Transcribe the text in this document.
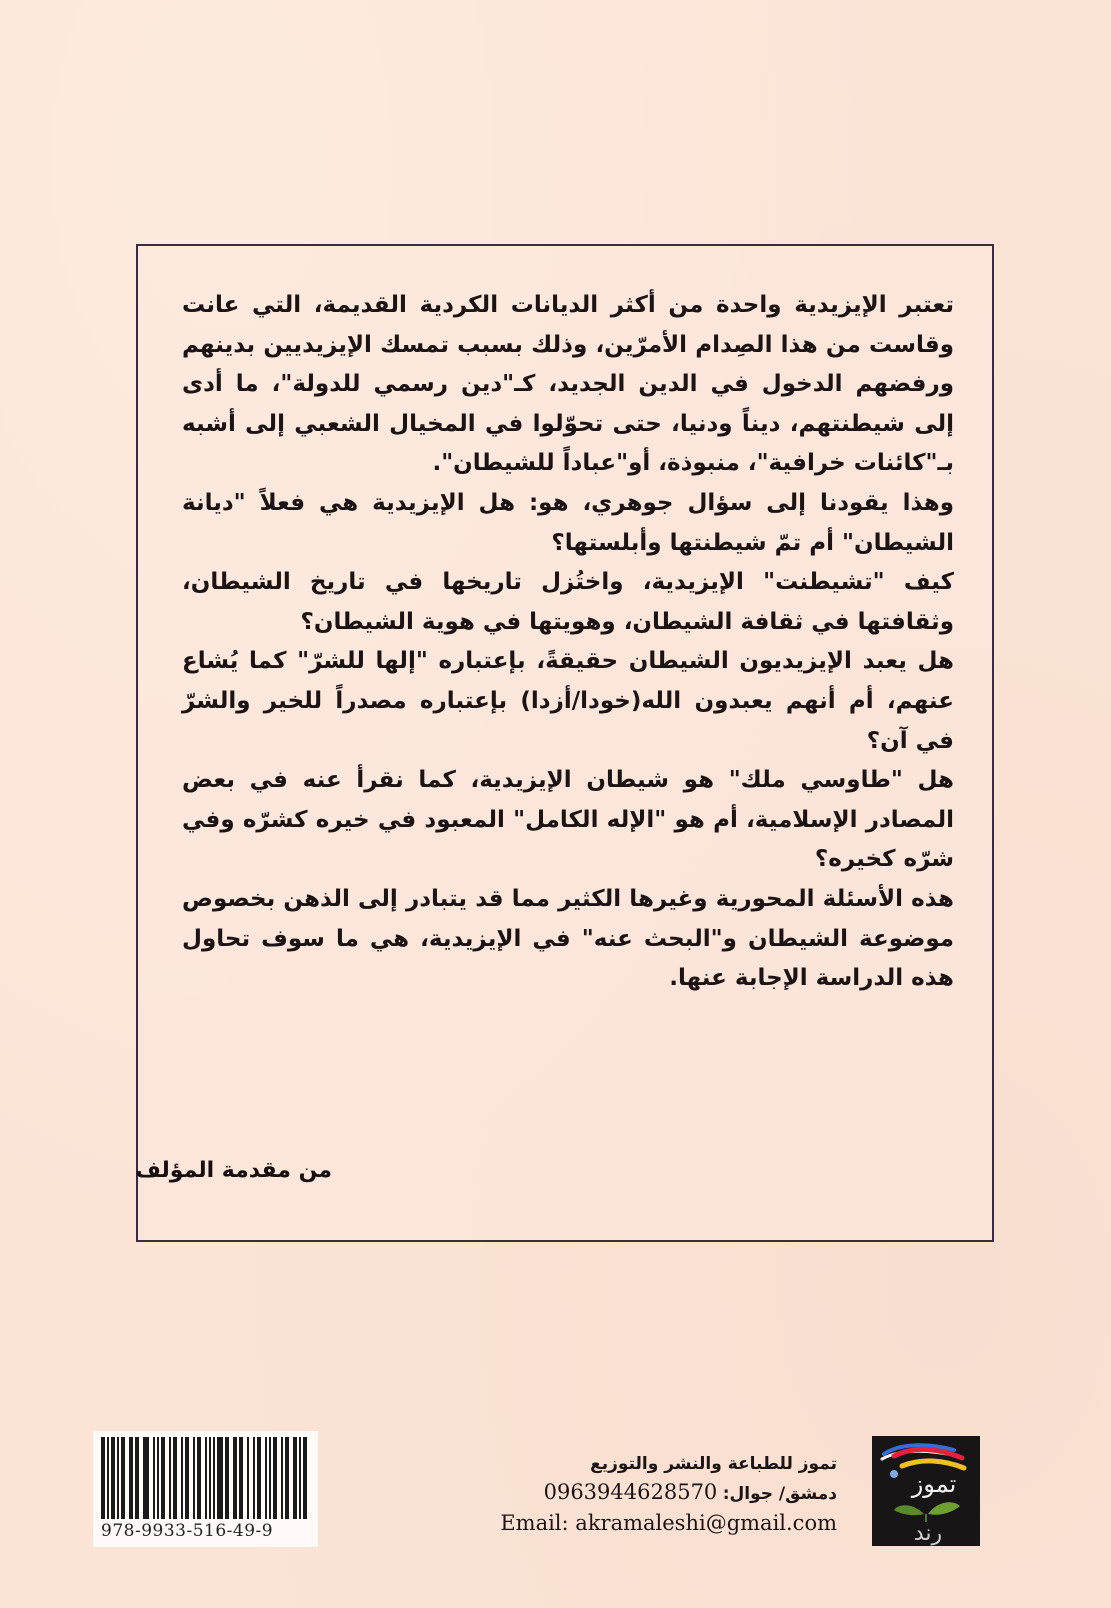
تعتبر الإيزيدية واحدة من أكثر الديانات الكردية القديمة، التي عانت وقاست من هذا الصِدام الأمرّين، وذلك بسبب تمسك الإيزيديين بدينهم ورفضهم الدخول في الدين الجديد، كـ"دين رسمي للدولة"، ما أدى إلى شيطنتهم، ديناً ودنيا، حتى تحوّلوا في المخيال الشعبي إلى أشبه بـ"كائنات خرافية"، منبوذة، أو"عباداً للشيطان".

وهذا يقودنا إلى سؤال جوهري، هو: هل الإيزيدية هي فعلاً "ديانة الشيطان" أم تمّ شيطنتها وأبلستها؟

كيف "تشيطنت" الإيزيدية، واختُزل تاريخها في تاريخ الشيطان، وثقافتها في ثقافة الشيطان، وهويتها في هوية الشيطان؟

هل يعبد الإيزيديون الشيطان حقيقةً، بإعتباره "إلها للشرّ" كما يُشاع عنهم، أم أنهم يعبدون الله(خودا/أزدا) بإعتباره مصدراً للخير والشرّ في آن؟

هل "طاوسي ملك" هو شيطان الإيزيدية، كما نقرأ عنه في بعض المصادر الإسلامية، أم هو "الإله الكامل" المعبود في خيره كشرّه وفي شرّه كخيره؟

هذه الأسئلة المحورية وغيرها الكثير مما قد يتبادر إلى الذهن بخصوص موضوعة الشيطان و"البحث عنه" في الإيزيدية، هي ما سوف تحاول هذه الدراسة الإجابة عنها.

من مقدمة المؤلف
978-9933-516-49-9
تموز للطباعة والنشر والتوزيع
دمشق/ جوال: 0963944628570
Email: akramaleshi@gmail.com
تموز
رند
